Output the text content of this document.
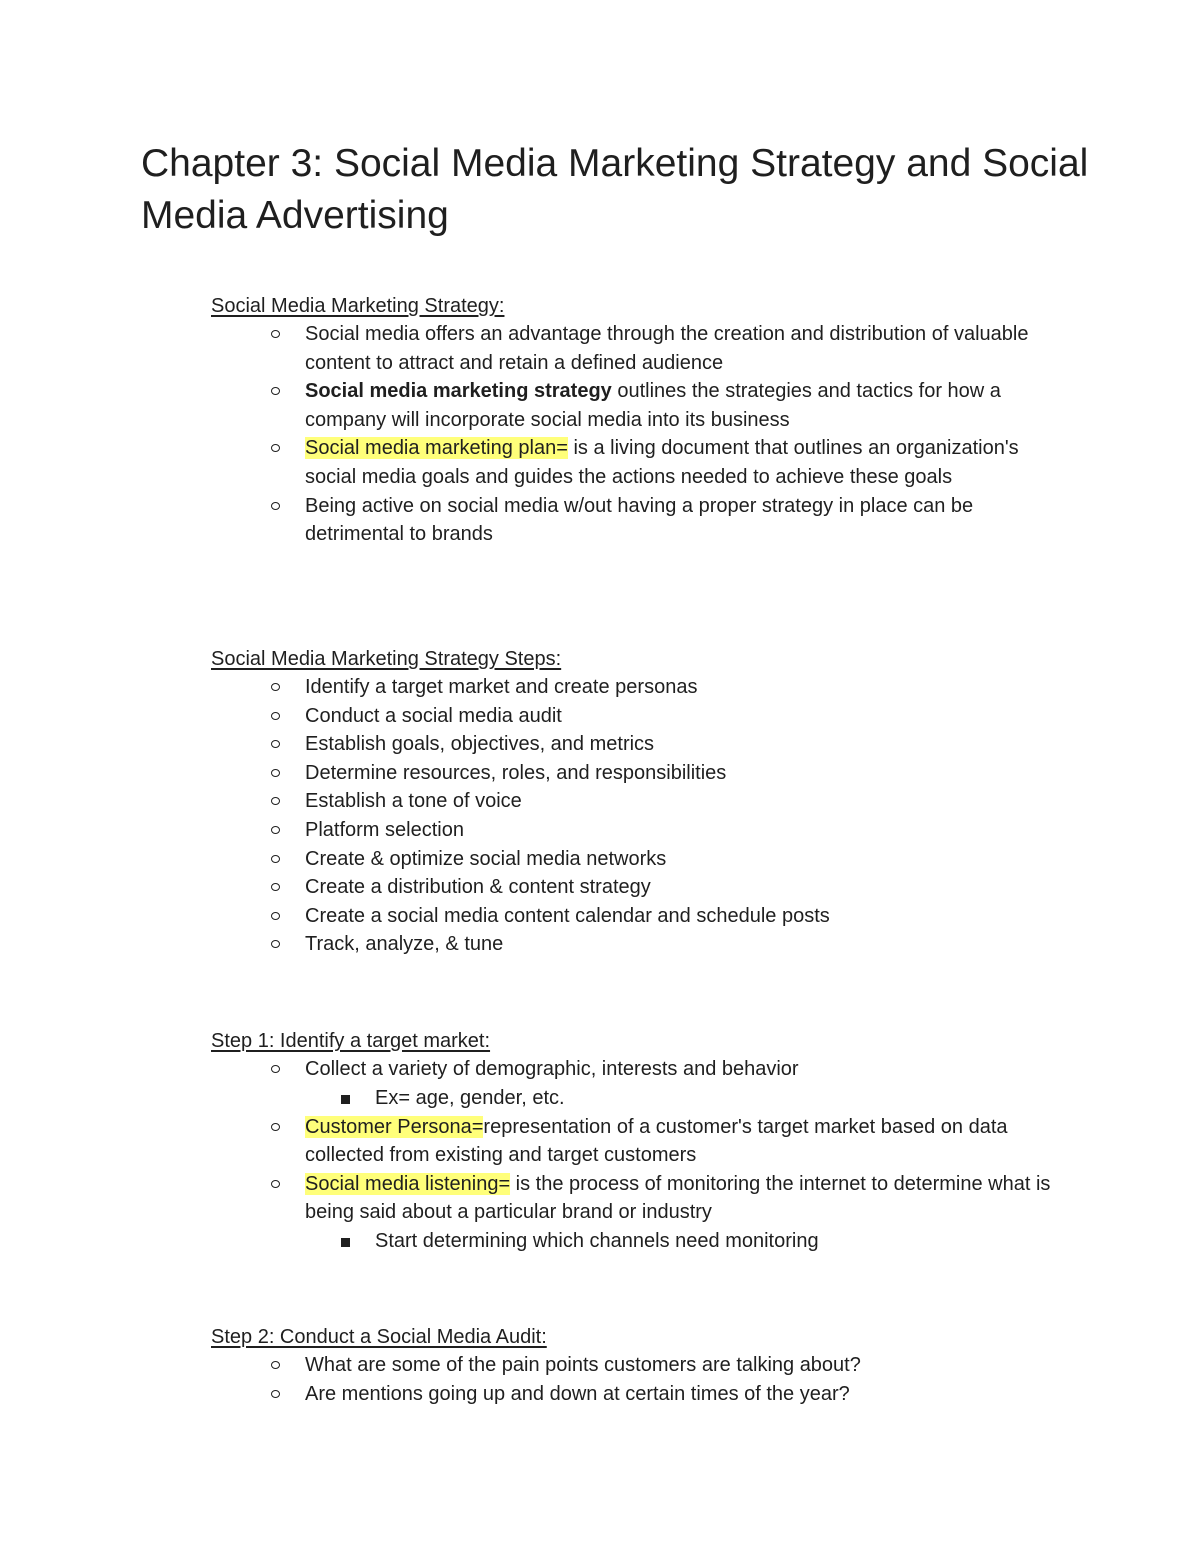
Chapter 3: Social Media Marketing Strategy and Social Media Advertising

Social Media Marketing Strategy:

Social media offers an advantage through the creation and distribution of valuable content to attract and retain a defined audience
Social media marketing strategy outlines the strategies and tactics for how a company will incorporate social media into its business
Social media marketing plan= is a living document that outlines an organization's social media goals and guides the actions needed to achieve these goals
Being active on social media w/out having a proper strategy in place can be detrimental to brands

Social Media Marketing Strategy Steps:

Identify a target market and create personas
Conduct a social media audit
Establish goals, objectives, and metrics
Determine resources, roles, and responsibilities
Establish a tone of voice
Platform selection
Create & optimize social media networks
Create a distribution & content strategy
Create a social media content calendar and schedule posts
Track, analyze, & tune

Step 1: Identify a target market:

Collect a variety of demographic, interests and behavior
Ex= age, gender, etc.
Customer Persona=representation of a customer's target market based on data collected from existing and target customers
Social media listening= is the process of monitoring the internet to determine what is being said about a particular brand or industry
Start determining which channels need monitoring

Step 2: Conduct a Social Media Audit:

What are some of the pain points customers are talking about?
Are mentions going up and down at certain times of the year?
